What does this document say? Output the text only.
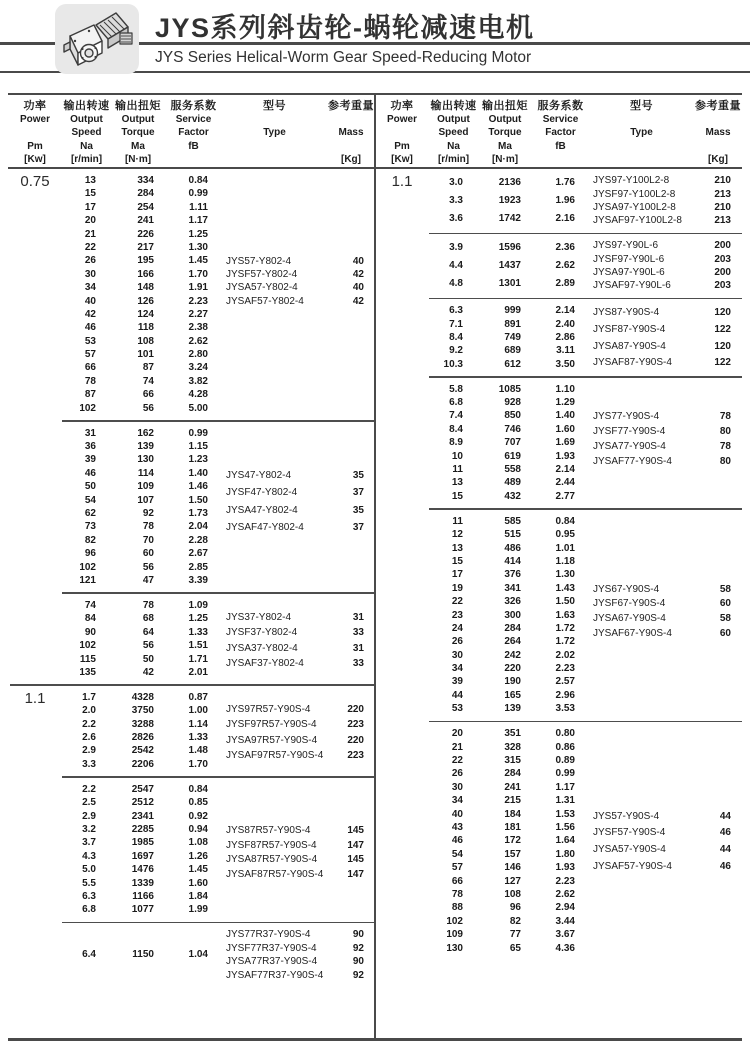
JYS系列斜齿轮-蜗轮减速电机
JYS Series Helical-Worm Gear Speed-Reducing Motor
功率
Power
Pm
[Kw]
输出转速
Output
Speed
Na
[r/min]
输出扭矩
Output
Torque
Ma
[N·m]
服务系数
Service
Factor
fB
型号
Type
参考重量
Mass
[Kg]
0.75	13	334	0.84
15	284	0.99
17	254	1.11
20	241	1.17
21	226	1.25
22	217	1.30
26	195	1.45
30	166	1.70
34	148	1.91
40	126	2.23
42	124	2.27
46	118	2.38
53	108	2.62
57	101	2.80
66	87	3.24
78	74	3.82
87	66	4.28
102	56	5.00
JYS57-Y802-4	40
JYSF57-Y802-4	42
JYSA57-Y802-4	40
JYSAF57-Y802-4	42
31	162	0.99
36	139	1.15
39	130	1.23
46	114	1.40
50	109	1.46
54	107	1.50
62	92	1.73
73	78	2.04
82	70	2.28
96	60	2.67
102	56	2.85
121	47	3.39
JYS47-Y802-4	35
JYSF47-Y802-4	37
JYSA47-Y802-4	35
JYSAF47-Y802-4	37
74	78	1.09
84	68	1.25
90	64	1.33
102	56	1.51
115	50	1.71
135	42	2.01
JYS37-Y802-4	31
JYSF37-Y802-4	33
JYSA37-Y802-4	31
JYSAF37-Y802-4	33
1.1	1.7	4328	0.87
2.0	3750	1.00
2.2	3288	1.14
2.6	2826	1.33
2.9	2542	1.48
3.3	2206	1.70
JYS97R57-Y90S-4	220
JYSF97R57-Y90S-4	223
JYSA97R57-Y90S-4	220
JYSAF97R57-Y90S-4	223
2.2	2547	0.84
2.5	2512	0.85
2.9	2341	0.92
3.2	2285	0.94
3.7	1985	1.08
4.3	1697	1.26
5.0	1476	1.45
5.5	1339	1.60
6.3	1166	1.84
6.8	1077	1.99
JYS87R57-Y90S-4	145
JYSF87R57-Y90S-4	147
JYSA87R57-Y90S-4	145
JYSAF87R57-Y90S-4	147
6.4	1150	1.04
JYS77R37-Y90S-4	90
JYSF77R37-Y90S-4	92
JYSA77R37-Y90S-4	90
JYSAF77R37-Y90S-4	92
功率
Power
Pm
[Kw]
输出转速
Output
Speed
Na
[r/min]
输出扭矩
Output
Torque
Ma
[N·m]
服务系数
Service
Factor
fB
型号
Type
参考重量
Mass
[Kg]
1.1	3.0	2136	1.76
3.3	1923	1.96
3.6	1742	2.16
JYS97-Y100L2-8	210
JYSF97-Y100L2-8	213
JYSA97-Y100L2-8	210
JYSAF97-Y100L2-8	213
3.9	1596	2.36
4.4	1437	2.62
4.8	1301	2.89
JYS97-Y90L-6	200
JYSF97-Y90L-6	203
JYSA97-Y90L-6	200
JYSAF97-Y90L-6	203
6.3	999	2.14
7.1	891	2.40
8.4	749	2.86
9.2	689	3.11
10.3	612	3.50
JYS87-Y90S-4	120
JYSF87-Y90S-4	122
JYSA87-Y90S-4	120
JYSAF87-Y90S-4	122
5.8	1085	1.10
6.8	928	1.29
7.4	850	1.40
8.4	746	1.60
8.9	707	1.69
10	619	1.93
11	558	2.14
13	489	2.44
15	432	2.77
JYS77-Y90S-4	78
JYSF77-Y90S-4	80
JYSA77-Y90S-4	78
JYSAF77-Y90S-4	80
11	585	0.84
12	515	0.95
13	486	1.01
15	414	1.18
17	376	1.30
19	341	1.43
22	326	1.50
23	300	1.63
24	284	1.72
26	264	1.72
30	242	2.02
34	220	2.23
39	190	2.57
44	165	2.96
53	139	3.53
JYS67-Y90S-4	58
JYSF67-Y90S-4	60
JYSA67-Y90S-4	58
JYSAF67-Y90S-4	60
20	351	0.80
21	328	0.86
22	315	0.89
26	284	0.99
30	241	1.17
34	215	1.31
40	184	1.53
43	181	1.56
46	172	1.64
54	157	1.80
57	146	1.93
66	127	2.23
78	108	2.62
88	96	2.94
102	82	3.44
109	77	3.67
130	65	4.36
JYS57-Y90S-4	44
JYSF57-Y90S-4	46
JYSA57-Y90S-4	44
JYSAF57-Y90S-4	46
